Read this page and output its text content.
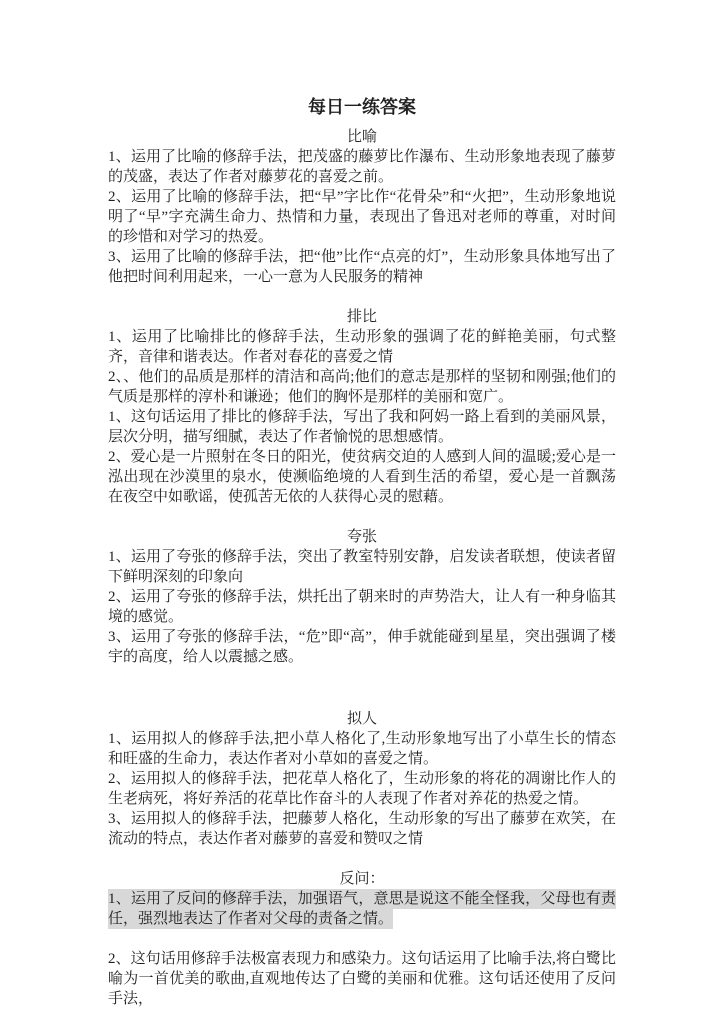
每日一练答案
比喻

1、运用了比喻的修辞手法，把茂盛的藤萝比作瀑布、生动形象地表现了藤萝的茂盛，表达了作者对藤萝花的喜爱之前。

2、运用了比喻的修辞手法，把“早”字比作“花骨朵”和“火把”，生动形象地说明了“早”字充满生命力、热情和力量，表现出了鲁迅对老师的尊重，对时间的珍惜和对学习的热爱。

3、运用了比喻的修辞手法，把“他”比作“点亮的灯”，生动形象具体地写出了他把时间利用起来，一心一意为人民服务的精神

排比

1、运用了比喻排比的修辞手法，生动形象的强调了花的鲜艳美丽，句式整齐，音律和谐表达。作者对春花的喜爱之情

2、、他们的品质是那样的清洁和高尚;他们的意志是那样的坚韧和刚强;他们的气质是那样的淳朴和谦逊；他们的胸怀是那样的美丽和宽广。

1、这句话运用了排比的修辞手法，写出了我和阿妈一路上看到的美丽风景，层次分明，描写细腻，表达了作者愉悦的思想感情。

2、爱心是一片照射在冬日的阳光，使贫病交迫的人感到人间的温暖;爱心是一泓出现在沙漠里的泉水，使濒临绝境的人看到生活的希望，爱心是一首飘荡在夜空中如歌谣，使孤苦无依的人获得心灵的慰藉。

夸张

1、运用了夸张的修辞手法，突出了教室特别安静，启发读者联想，使读者留下鲜明深刻的印象向

2、运用了夸张的修辞手法，烘托出了朝来时的声势浩大，让人有一种身临其境的感觉。

3、运用了夸张的修辞手法，“危”即“高”，伸手就能碰到星星，突出强调了楼宇的高度，给人以震撼之感。

拟人

1、运用拟人的修辞手法,把小草人格化了,生动形象地写出了小草生长的情态和旺盛的生命力，表达作者对小草如的喜爱之情。

2、运用拟人的修辞手法，把花草人格化了，生动形象的将花的凋谢比作人的生老病死，将好养活的花草比作奋斗的人表现了作者对养花的热爱之情。

3、运用拟人的修辞手法，把藤萝人格化，生动形象的写出了藤萝在欢笑，在流动的特点，表达作者对藤萝的喜爱和赞叹之情

反问：

1、运用了反问的修辞手法，加强语气，意思是说这不能全怪我，父母也有责任，强烈地表达了作者对父母的责备之情。

2、这句话用修辞手法极富表现力和感染力。这句话运用了比喻手法,将白鹭比喻为一首优美的歌曲,直观地传达了白鹭的美丽和优雅。这句话还使用了反问手法，
